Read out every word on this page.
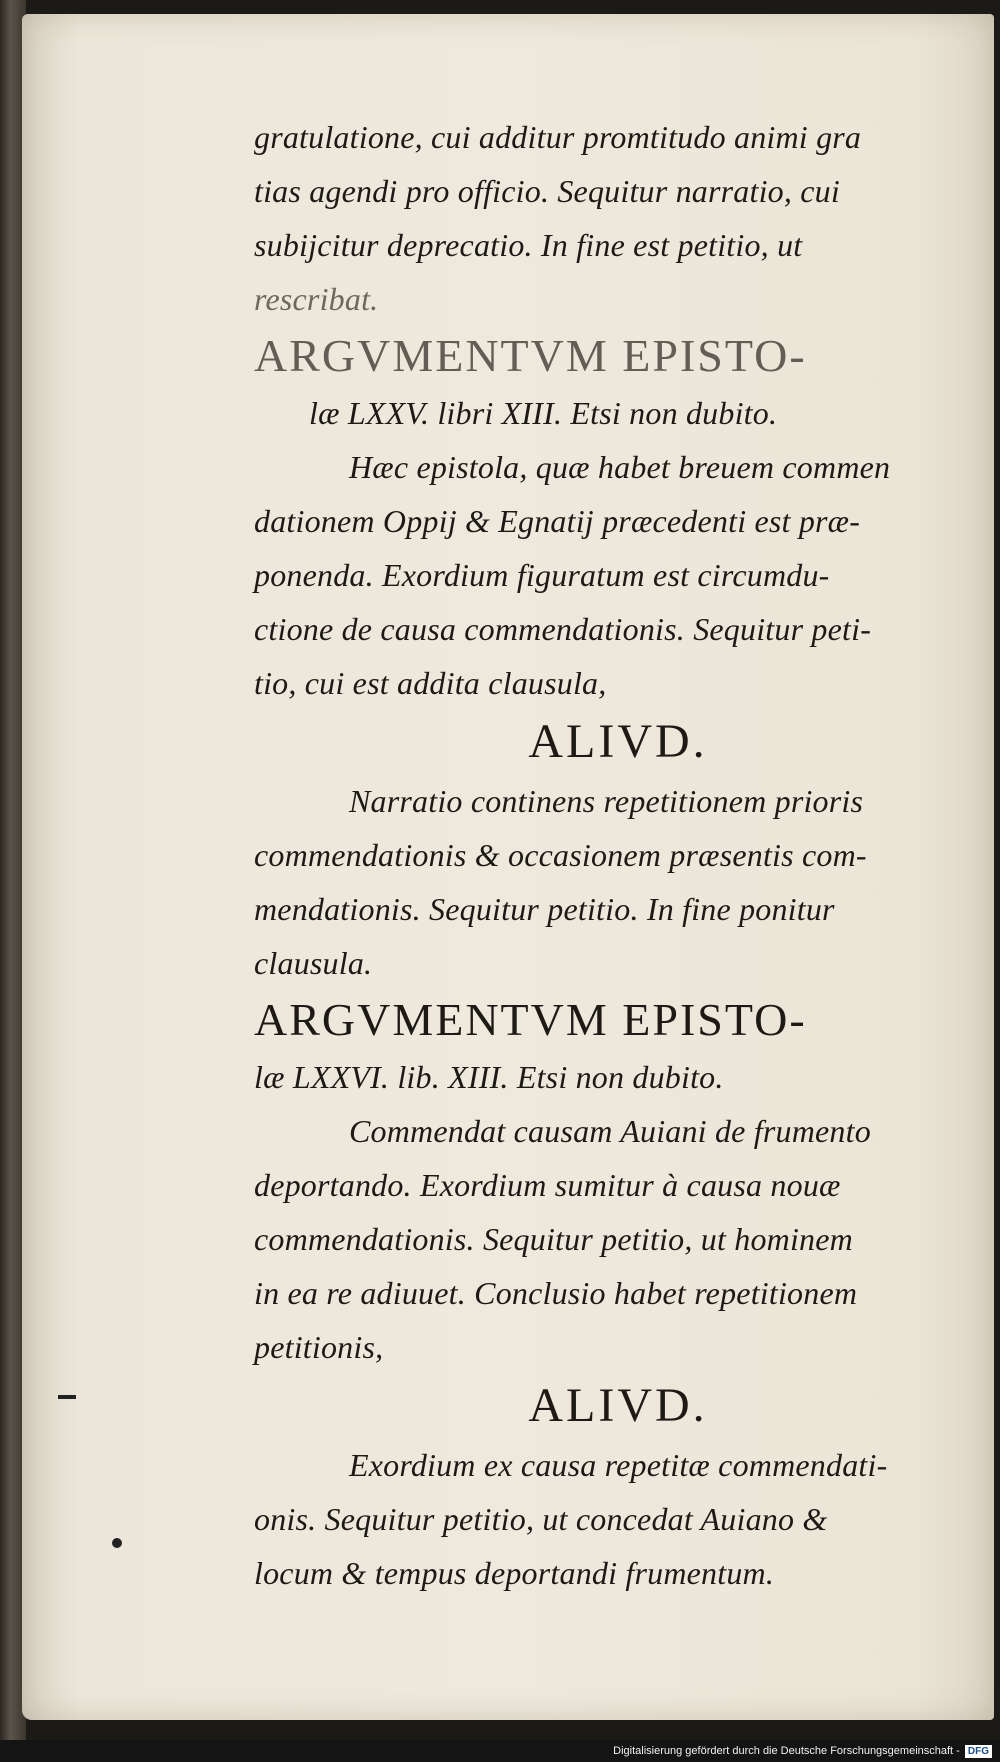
gratulatione, cui additur promtitudo animi gra
tias agendi pro officio. Sequitur narratio, cui
subijcitur deprecatio. In fine est petitio, ut
rescribat.
ARGVMENTVM EPISTO-
læ LXXV. libri XIII. Etsi non dubito.
Hæc epistola, quæ habet breuem commen
dationem Oppij & Egnatij præcedenti est præ-
ponenda. Exordium figuratum est circumdu-
ctione de causa commendationis. Sequitur peti-
tio, cui est addita clausula,
ALIVD.
Narratio continens repetitionem prioris
commendationis & occasionem præsentis com-
mendationis. Sequitur petitio. In fine ponitur
clausula.
ARGVMENTVM EPISTO-
læ LXXVI. lib. XIII. Etsi non dubito.
Commendat causam Auiani de frumento
deportando. Exordium sumitur à causa nouæ
commendationis. Sequitur petitio, ut hominem
in ea re adiuuet. Conclusio habet repetitionem
petitionis,
ALIVD.
Exordium ex causa repetitæ commendati-
onis. Sequitur petitio, ut concedat Auiano &
locum & tempus deportandi frumentum.
Digitalisierung gefördert durch die Deutsche Forschungsgemeinschaft - DFG
